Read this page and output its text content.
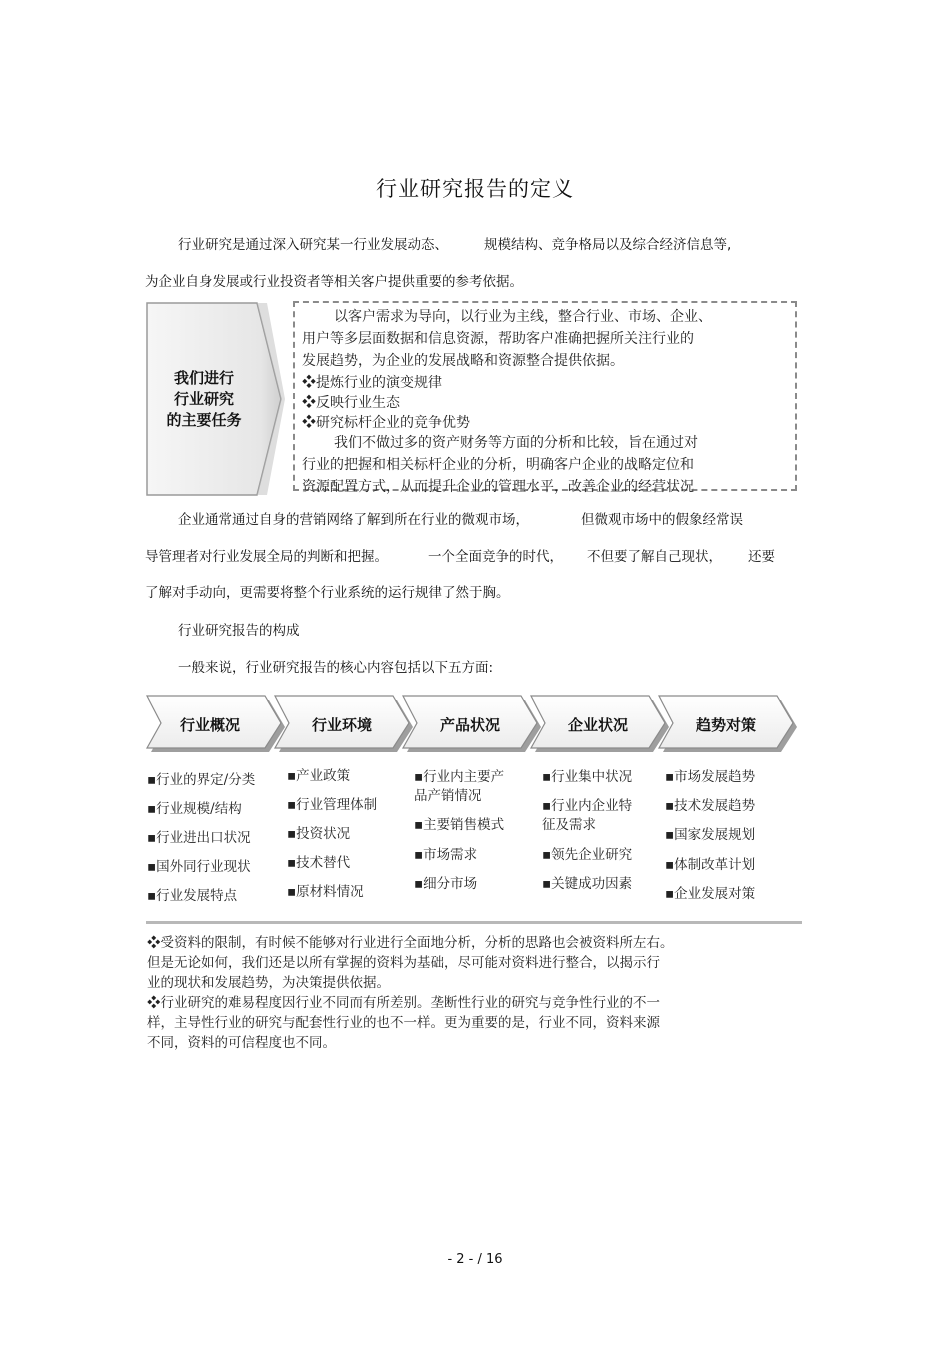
行业研究报告的定义
行业研究是通过深入研究某一行业发展动态、	规模结构、竞争格局以及综合经济信息等,
为企业自身发展或行业投资者等相关客户提供重要的参考依据。
我们进行
行业研究
的主要任务
以客户需求为导向，以行业为主线，整合行业、市场、企业、
用户等多层面数据和信息资源，帮助客户准确把握所关注行业的
发展趋势，为企业的发展战略和资源整合提供依据。
❖提炼行业的演变规律
❖反映行业生态
❖研究标杆企业的竞争优势
我们不做过多的资产财务等方面的分析和比较，旨在通过对
行业的把握和相关标杆企业的分析，明确客户企业的战略定位和
资源配置方式，从而提升企业的管理水平，改善企业的经营状况
企业通常通过自身的营销网络了解到所在行业的微观市场，	但微观市场中的假象经常误
导管理者对行业发展全局的判断和把握。	一个全面竞争的时代， 不但要了解自己现状， 还要
了解对手动向，更需要将整个行业系统的运行规律了然于胸。
行业研究报告的构成
一般来说，行业研究报告的核心内容包括以下五方面:
行业概况	行业环境	产品状况	企业状况	趋势对策
▪行业的界定/分类
▪行业规模/结构
▪行业进出口状况
▪国外同行业现状
▪行业发展特点
▪产业政策
▪行业管理体制
▪投资状况
▪技术替代
▪原材料情况
▪行业内主要产
品产销情况
▪主要销售模式
▪市场需求
▪细分市场
▪行业集中状况
▪行业内企业特
征及需求
▪领先企业研究
▪关键成功因素
▪市场发展趋势
▪技术发展趋势
▪国家发展规划
▪体制改革计划
▪企业发展对策
❖受资料的限制，有时候不能够对行业进行全面地分析，分析的思路也会被资料所左右。
但是无论如何，我们还是以所有掌握的资料为基础，尽可能对资料进行整合，以揭示行
业的现状和发展趋势，为决策提供依据。
❖行业研究的难易程度因行业不同而有所差别。垄断性行业的研究与竞争性行业的不一
样，主导性行业的研究与配套性行业的也不一样。更为重要的是，行业不同，资料来源
不同，资料的可信程度也不同。
- 2 - / 16
